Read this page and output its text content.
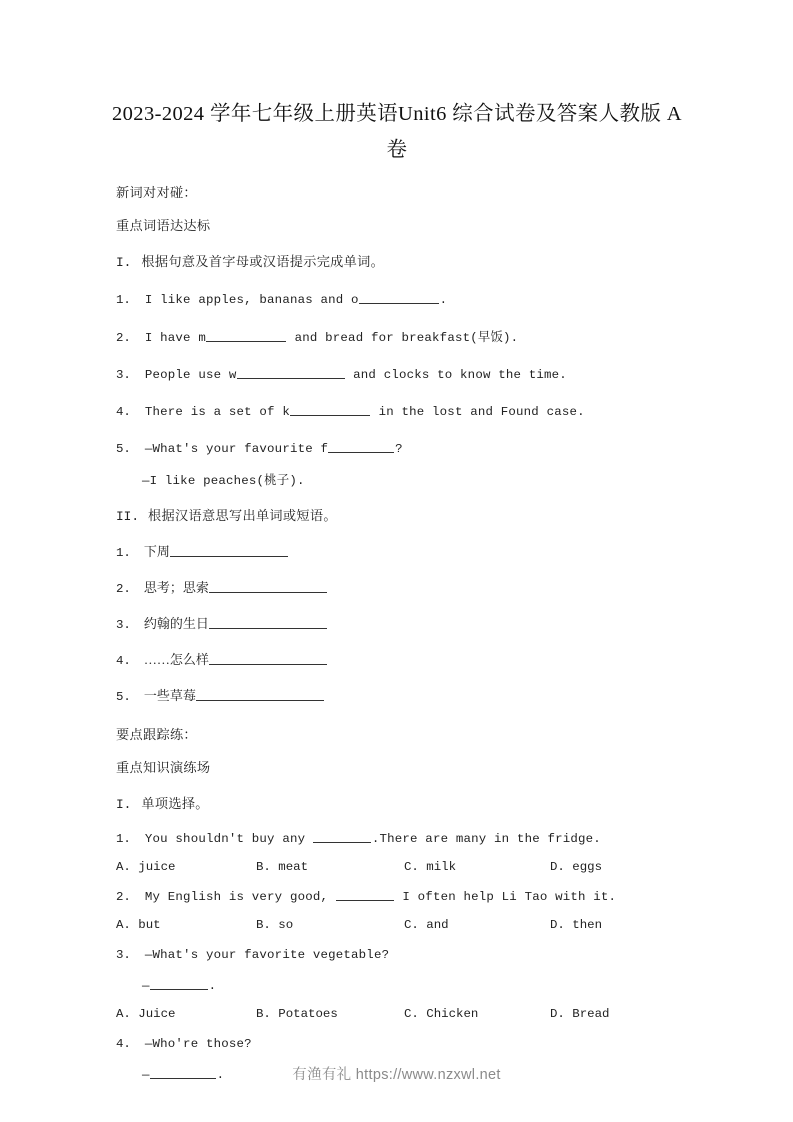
2023-2024 学年七年级上册英语Unit6 综合试卷及答案人教版 A 卷
新词对对碰：
重点词语达达标
I. 根据句意及首字母或汉语提示完成单词。
1. I like apples, bananas and o	.
2. I have m	and bread for breakfast(早饭).
3. People use w	and clocks to know the time.
4. There is a set of k	in the lost and Found case.
5. —What's your favourite f	?
—I like peaches(桃子).
II. 根据汉语意思写出单词或短语。
1. 下周
2. 思考；思索
3. 约翰的生日
4. ……怎么样
5. 一些草莓
要点跟踪练：
重点知识演练场
I. 单项选择。
1. You shouldn't buy any	.There are many in the fridge.
A. juice	B. meat	C. milk	D. eggs
2. My English is very good,	I often help Li Tao with it.
A. but	B. so	C. and	D. then
3. —What's your favorite vegetable?
—	.
A. Juice	B. Potatoes	C. Chicken	D. Bread
4. —Who're those?
—	.	有渔有礼 https://www.nzxwl.net
